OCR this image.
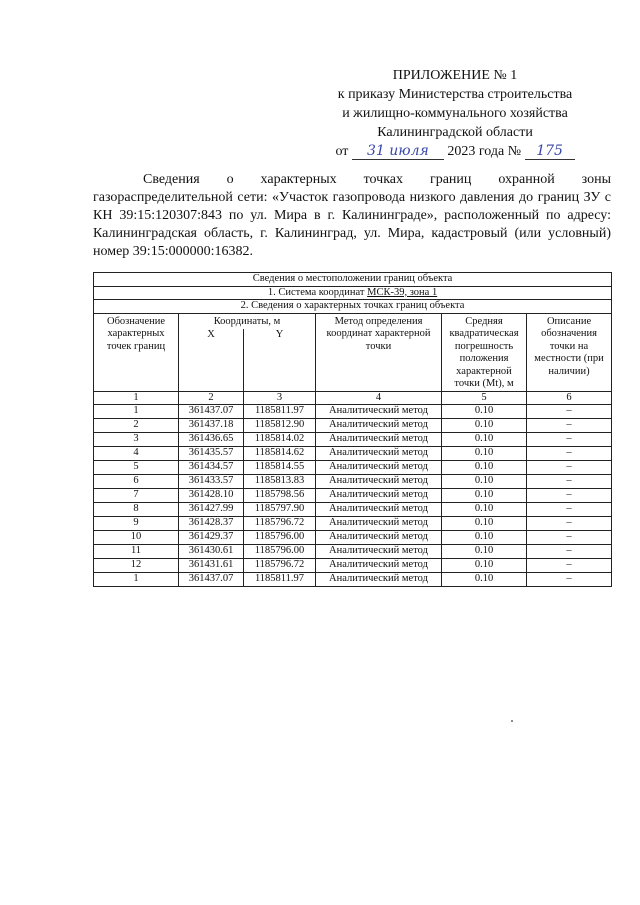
ПРИЛОЖЕНИЕ № 1
к приказу Министерства строительства
и жилищно-коммунального хозяйства
Калининградской области
от 31 июля 2023 года № 175
Сведения о характерных точках границ охранной зоны газораспределительной сети: «Участок газопровода низкого давления до границ ЗУ с КН 39:15:120307:843 по ул. Мира в г. Калининграде», расположенный по адресу: Калининградская область, г. Калининград, ул. Мира, кадастровый (или условный) номер 39:15:000000:16382.
Сведения о местоположении границ объекта					
1. Система координат МСК-39, зона 1					
2. Сведения о характерных точках границ объекта					
Обозначение характерных точек границ	Координаты, м		Метод определения координат характерной точки	Средняя квадратическая погрешность положения характерной точки (Mt), м	Описание обозначения точки на местности (при наличии)
	X	Y			
1	2	3	4	5	6
1	361437.07	1185811.97	Аналитический метод	0.10	–
2	361437.18	1185812.90	Аналитический метод	0.10	–
3	361436.65	1185814.02	Аналитический метод	0.10	–
4	361435.57	1185814.62	Аналитический метод	0.10	–
5	361434.57	1185814.55	Аналитический метод	0.10	–
6	361433.57	1185813.83	Аналитический метод	0.10	–
7	361428.10	1185798.56	Аналитический метод	0.10	–
8	361427.99	1185797.90	Аналитический метод	0.10	–
9	361428.37	1185796.72	Аналитический метод	0.10	–
10	361429.37	1185796.00	Аналитический метод	0.10	–
11	361430.61	1185796.00	Аналитический метод	0.10	–
12	361431.61	1185796.72	Аналитический метод	0.10	–
1	361437.07	1185811.97	Аналитический метод	0.10	–
